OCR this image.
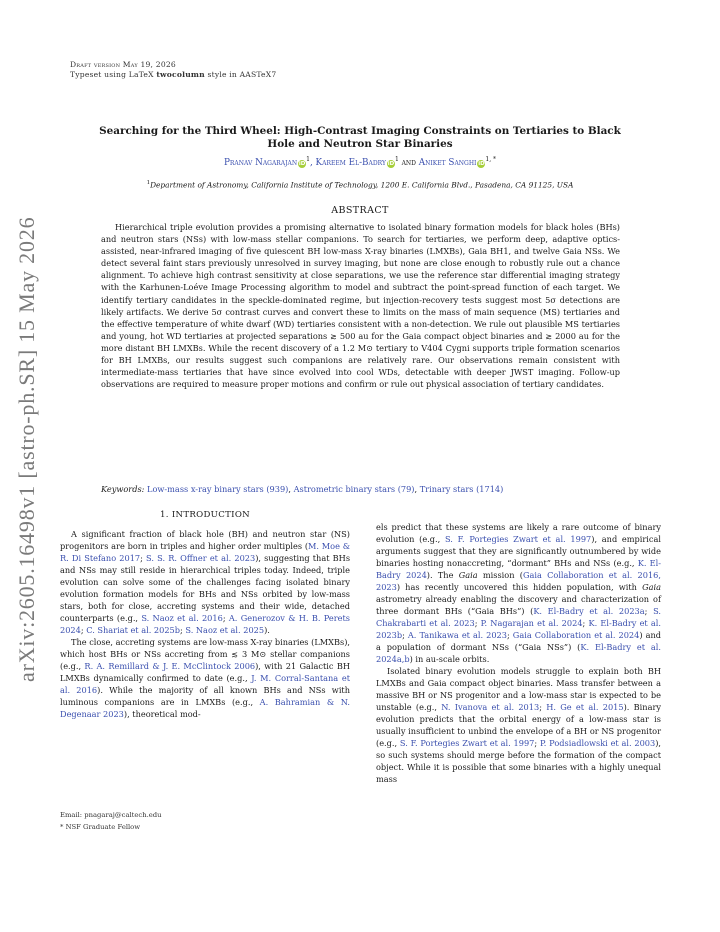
Draft version May 19, 2026
Typeset using LaTeX twocolumn style in AASTeX7
arXiv:2605.16498v1 [astro-ph.SR] 15 May 2026
Searching for the Third Wheel: High-Contrast Imaging Constraints on Tertiaries to Black Hole and Neutron Star Binaries
Pranav Nagarajan $iD^1$, Kareem El-Badry $iD^1$ and Aniket Sanghi $iD^{1, *}$
$^1$Department of Astronomy, California Institute of Technology, 1200 E. California Blvd., Pasadena, CA 91125, USA
ABSTRACT
Hierarchical triple evolution provides a promising alternative to isolated binary formation models for black holes (BHs) and neutron stars (NSs) with low-mass stellar companions. To search for tertiaries, we perform deep, adaptive optics-assisted, near-infrared imaging of five quiescent BH low-mass X-ray binaries (LMXBs), Gaia BH1, and twelve Gaia NSs. We detect several faint stars previously unresolved in survey imaging, but none are close enough to robustly rule out a chance alignment. To achieve high contrast sensitivity at close separations, we use the reference star differential imaging strategy with the Karhunen-Loéve Image Processing algorithm to model and subtract the point-spread function of each target. We identify tertiary candidates in the speckle-dominated regime, but injection-recovery tests suggest most 5σ detections are likely artifacts. We derive 5σ contrast curves and convert these to limits on the mass of main sequence (MS) tertiaries and the effective temperature of white dwarf (WD) tertiaries consistent with a non-detection. We rule out plausible MS tertiaries and young, hot WD tertiaries at projected separations ≳ 500 au for the Gaia compact object binaries and ≳ 2000 au for the more distant BH LMXBs. While the recent discovery of a 1.2 M⊙ tertiary to V404 Cygni supports triple formation scenarios for BH LMXBs, our results suggest such companions are relatively rare. Our observations remain consistent with intermediate-mass tertiaries that have since evolved into cool WDs, detectable with deeper JWST imaging. Follow-up observations are required to measure proper motions and confirm or rule out physical association of tertiary candidates.
Keywords: Low-mass x-ray binary stars (939), Astrometric binary stars (79), Trinary stars (1714)
1. INTRODUCTION

A significant fraction of black hole (BH) and neutron star (NS) progenitors are born in triples and higher order multiples (M. Moe & R. Di Stefano 2017; S. S. R. Offner et al. 2023), suggesting that BHs and NSs may still reside in hierarchical triples today. Indeed, triple evolution can solve some of the challenges facing isolated binary evolution formation models for BHs and NSs orbited by low-mass stars, both for close, accreting systems and their wide, detached counterparts (e.g., S. Naoz et al. 2016; A. Generozov & H. B. Perets 2024; C. Shariat et al. 2025b; S. Naoz et al. 2025).

The close, accreting systems are low-mass X-ray binaries (LMXBs), which host BHs or NSs accreting from ≲ 3 M⊙ stellar companions (e.g., R. A. Remillard & J. E. McClintock 2006), with 21 Galactic BH LMXBs dynamically confirmed to date (e.g., J. M. Corral-Santana et al. 2016). While the majority of all known BHs and NSs with luminous companions are in LMXBs (e.g., A. Bahramian & N. Degenaar 2023), theoretical mod-

els predict that these systems are likely a rare outcome of binary evolution (e.g., S. F. Portegies Zwart et al. 1997), and empirical arguments suggest that they are significantly outnumbered by wide binaries hosting nonaccreting, “dormant” BHs and NSs (e.g., K. El-Badry 2024). The Gaia mission (Gaia Collaboration et al. 2016, 2023) has recently uncovered this hidden population, with Gaia astrometry already enabling the discovery and characterization of three dormant BHs (“Gaia BHs”) (K. El-Badry et al. 2023a; S. Chakrabarti et al. 2023; P. Nagarajan et al. 2024; K. El-Badry et al. 2023b; A. Tanikawa et al. 2023; Gaia Collaboration et al. 2024) and a population of dormant NSs (“Gaia NSs”) (K. El-Badry et al. 2024a,b) in au-scale orbits.

Isolated binary evolution models struggle to explain both BH LMXBs and Gaia compact object binaries. Mass transfer between a massive BH or NS progenitor and a low-mass star is expected to be unstable (e.g., N. Ivanova et al. 2013; H. Ge et al. 2015). Binary evolution predicts that the orbital energy of a low-mass star is usually insufficient to unbind the envelope of a BH or NS progenitor (e.g., S. F. Portegies Zwart et al. 1997; P. Podsiadlowski et al. 2003), so such systems should merge before the formation of the compact object. While it is possible that some binaries with a highly unequal mass

Email: pnagaraj@caltech.edu
* NSF Graduate Fellow
